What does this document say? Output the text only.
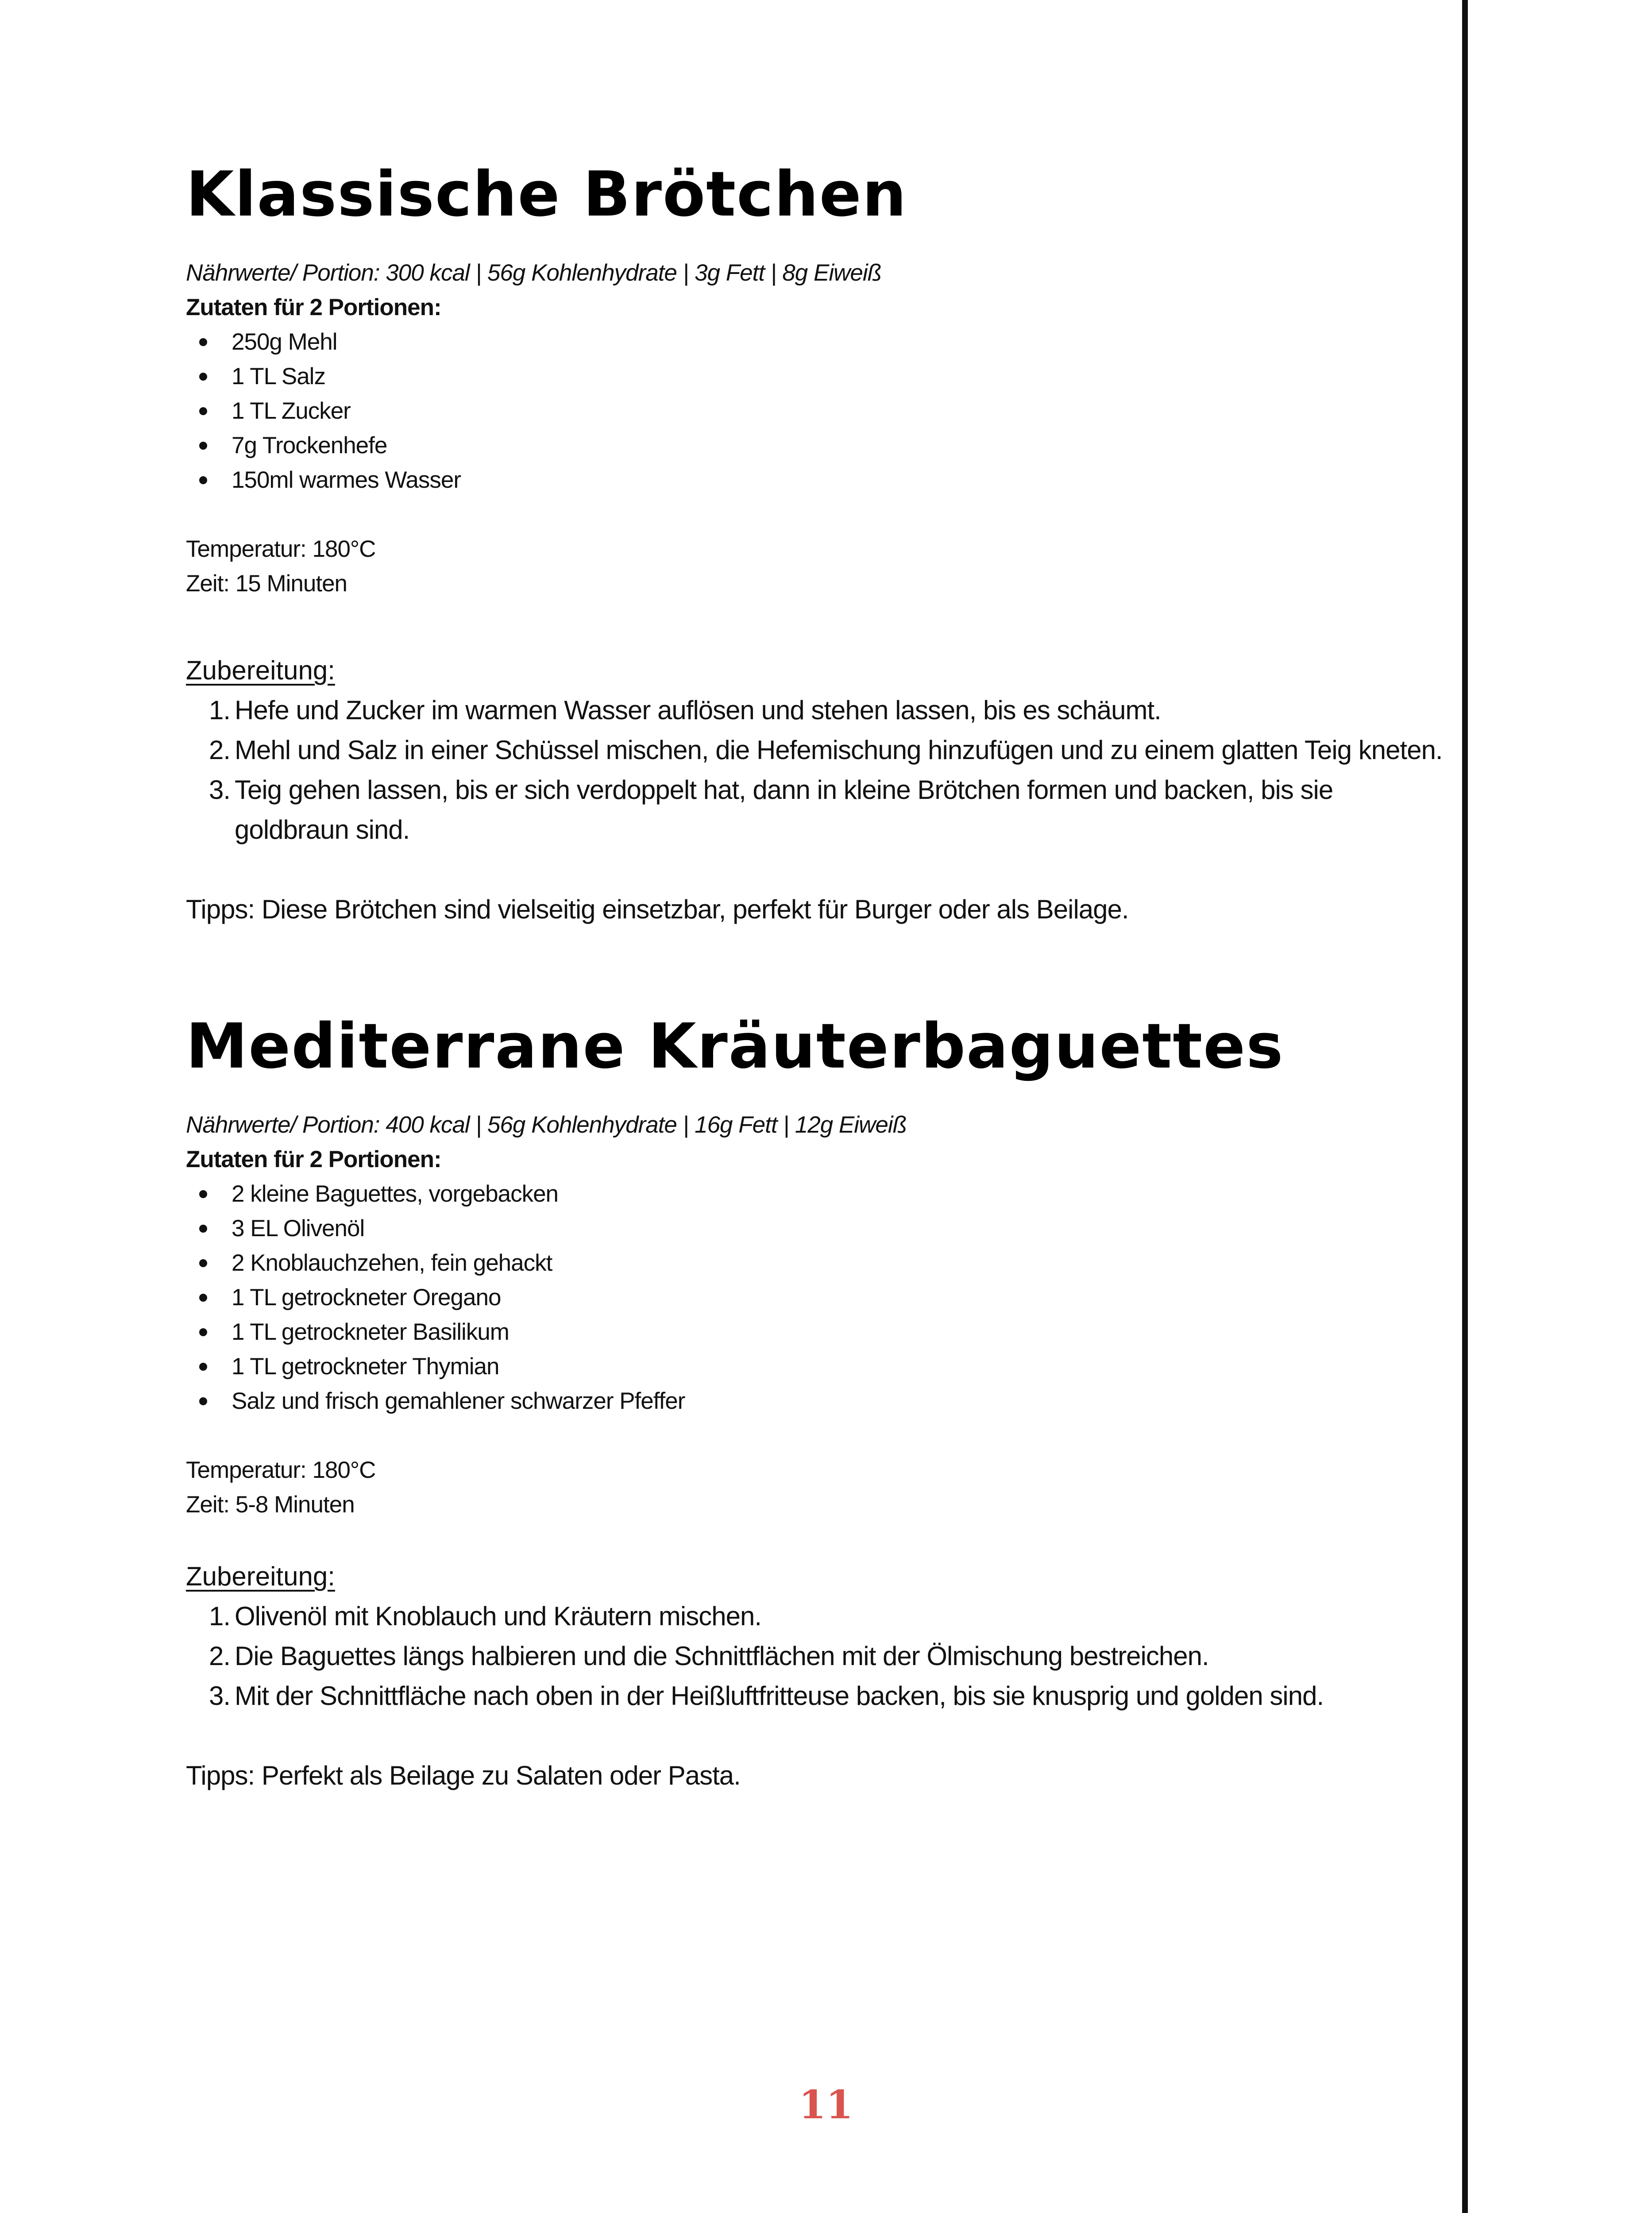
Klassische Brötchen
Nährwerte/ Portion: 300 kcal | 56g Kohlenhydrate | 3g Fett | 8g Eiweiß
Zutaten für 2 Portionen:
250g Mehl
1 TL Salz
1 TL Zucker
7g Trockenhefe
150ml warmes Wasser
Temperatur: 180°C
Zeit: 15 Minuten
Zubereitung:
1. Hefe und Zucker im warmen Wasser auflösen und stehen lassen, bis es schäumt.
2. Mehl und Salz in einer Schüssel mischen, die Hefemischung hinzufügen und zu einem glatten Teig kneten.
3. Teig gehen lassen, bis er sich verdoppelt hat, dann in kleine Brötchen formen und backen, bis sie goldbraun sind.
Tipps: Diese Brötchen sind vielseitig einsetzbar, perfekt für Burger oder als Beilage.
Mediterrane Kräuterbaguettes
Nährwerte/ Portion: 400 kcal | 56g Kohlenhydrate | 16g Fett | 12g Eiweiß
Zutaten für 2 Portionen:
2 kleine Baguettes, vorgebacken
3 EL Olivenöl
2 Knoblauchzehen, fein gehackt
1 TL getrockneter Oregano
1 TL getrockneter Basilikum
1 TL getrockneter Thymian
Salz und frisch gemahlener schwarzer Pfeffer
Temperatur: 180°C
Zeit: 5-8 Minuten
Zubereitung:
1. Olivenöl mit Knoblauch und Kräutern mischen.
2. Die Baguettes längs halbieren und die Schnittflächen mit der Ölmischung bestreichen.
3. Mit der Schnittfläche nach oben in der Heißluftfritteuse backen, bis sie knusprig und golden sind.
Tipps: Perfekt als Beilage zu Salaten oder Pasta.
11
